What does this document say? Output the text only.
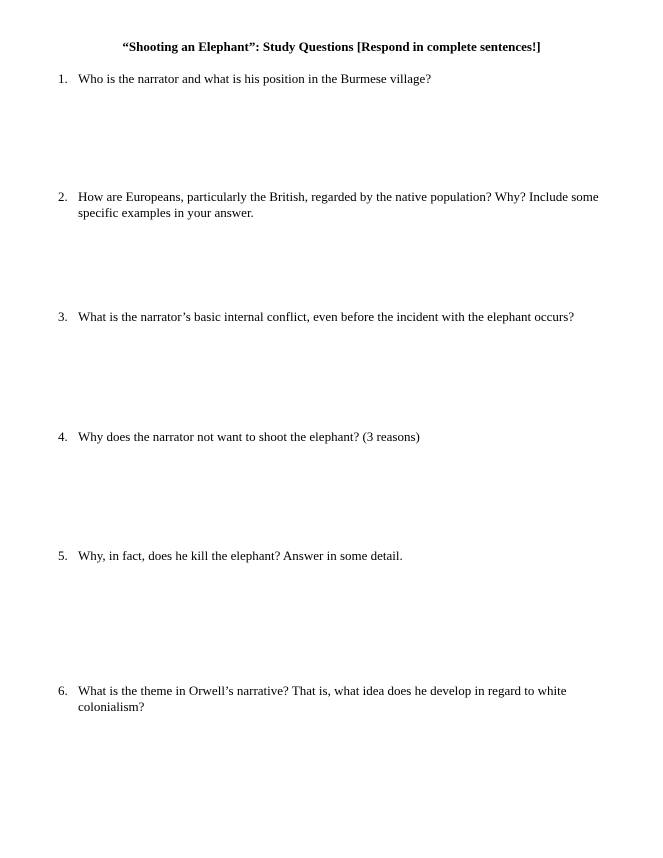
“Shooting an Elephant”: Study Questions [Respond in complete sentences!]
1. Who is the narrator and what is his position in the Burmese village?
2. How are Europeans, particularly the British, regarded by the native population? Why? Include some specific examples in your answer.
3. What is the narrator’s basic internal conflict, even before the incident with the elephant occurs?
4. Why does the narrator not want to shoot the elephant? (3 reasons)
5. Why, in fact, does he kill the elephant? Answer in some detail.
6. What is the theme in Orwell’s narrative? That is, what idea does he develop in regard to white colonialism?
